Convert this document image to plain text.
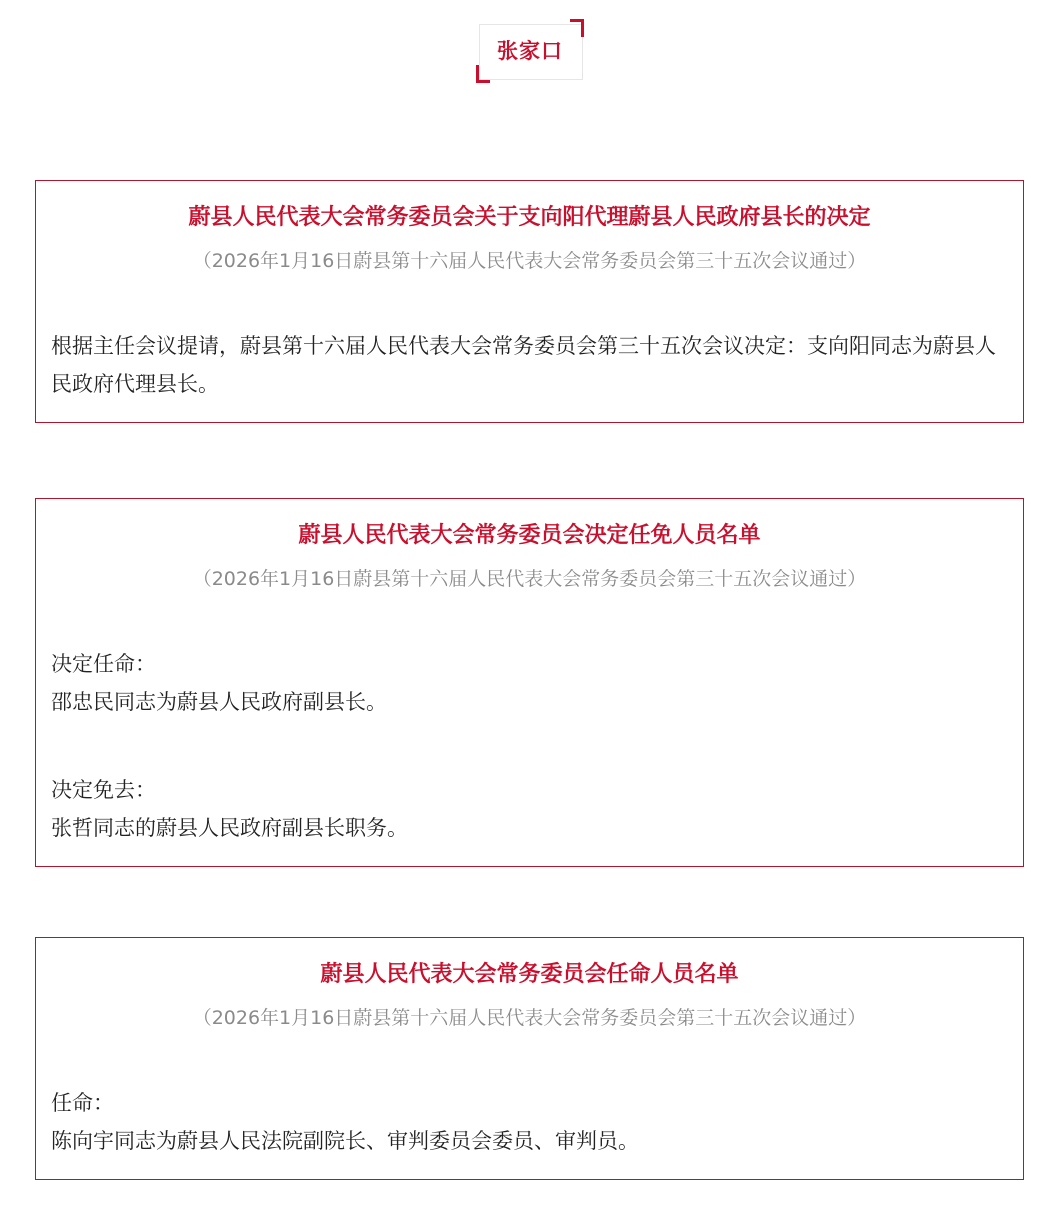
张家口
蔚县人民代表大会常务委员会关于支向阳代理蔚县人民政府县长的决定
（2026年1月16日蔚县第十六届人民代表大会常务委员会第三十五次会议通过）

根据主任会议提请，蔚县第十六届人民代表大会常务委员会第三十五次会议决定：支向阳同志为蔚县人民政府代理县长。

蔚县人民代表大会常务委员会决定任免人员名单
（2026年1月16日蔚县第十六届人民代表大会常务委员会第三十五次会议通过）

决定任命：

邵忠民同志为蔚县人民政府副县长。

决定免去：

张哲同志的蔚县人民政府副县长职务。

蔚县人民代表大会常务委员会任命人员名单
（2026年1月16日蔚县第十六届人民代表大会常务委员会第三十五次会议通过）

任命：

陈向宇同志为蔚县人民法院副院长、审判委员会委员、审判员。
